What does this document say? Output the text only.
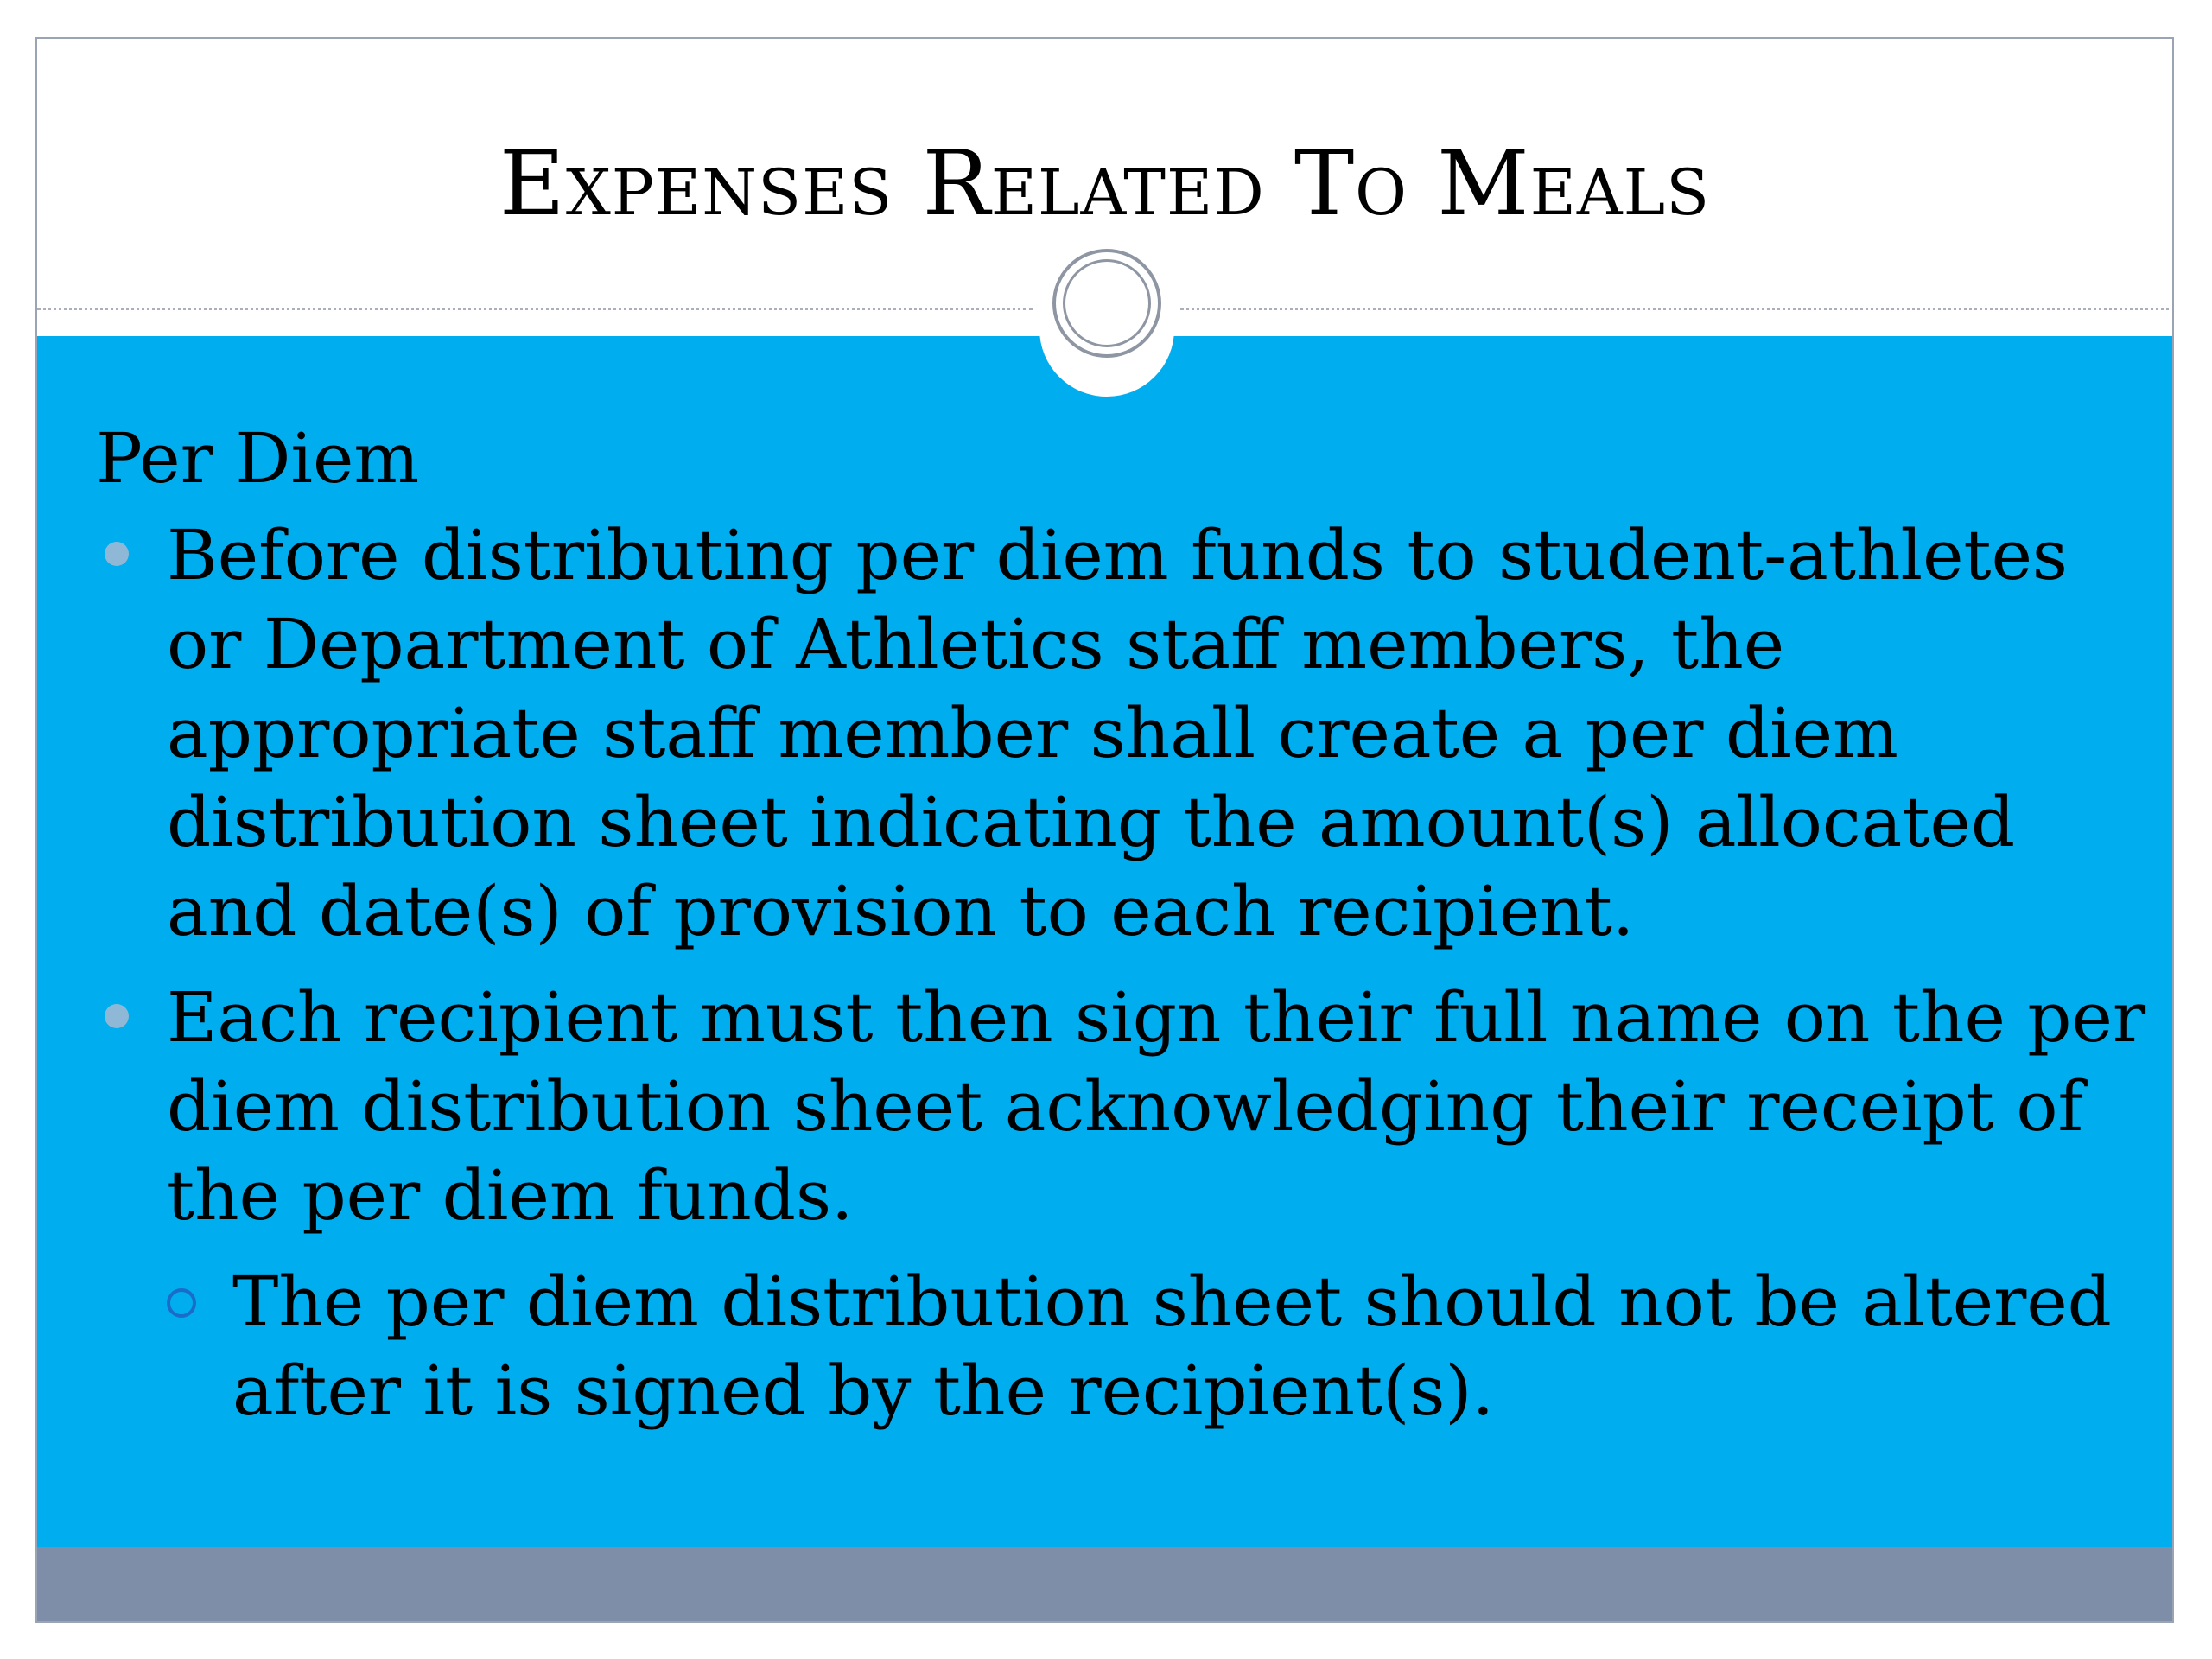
Expenses Related To Meals

Per Diem

Before distributing per diem funds to student-athletes or Department of Athletics staff members, the appropriate staff member shall create a per diem distribution sheet indicating the amount(s) allocated and date(s) of provision to each recipient.

Each recipient must then sign their full name on the per diem distribution sheet acknowledging their receipt of the per diem funds.

The per diem distribution sheet should not be altered after it is signed by the recipient(s).
